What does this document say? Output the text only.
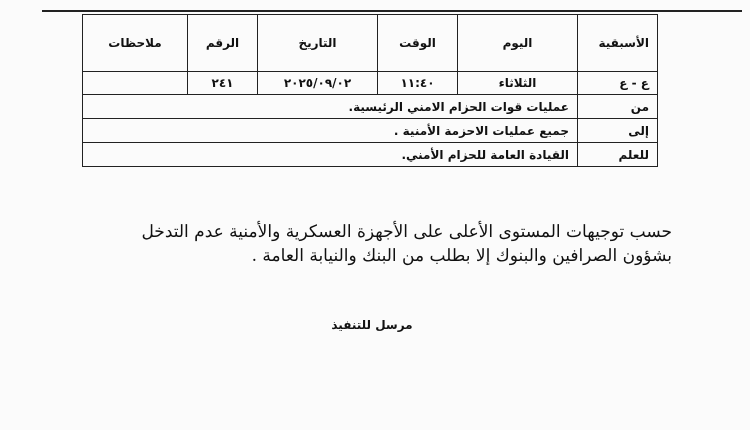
الأسبقية	اليوم	الوقت	التاريخ	الرقم	ملاحظات
ع - ع	الثلاثاء	١١:٤٠	٢٠٢٥/٠٩/٠٢	٢٤١	
من	عمليات قوات الحزام الامني الرئيسية.				
إلى	جميع عمليات الاحزمة الأمنية .				
للعلم	القيادة العامة للحزام الأمني.				

حسب توجيهات المستوى الأعلى على الأجهزة العسكرية والأمنية عدم التدخل

بشؤون الصرافين والبنوك إلا بطلب من البنك والنيابة العامة .

مرسل للتنفيذ
